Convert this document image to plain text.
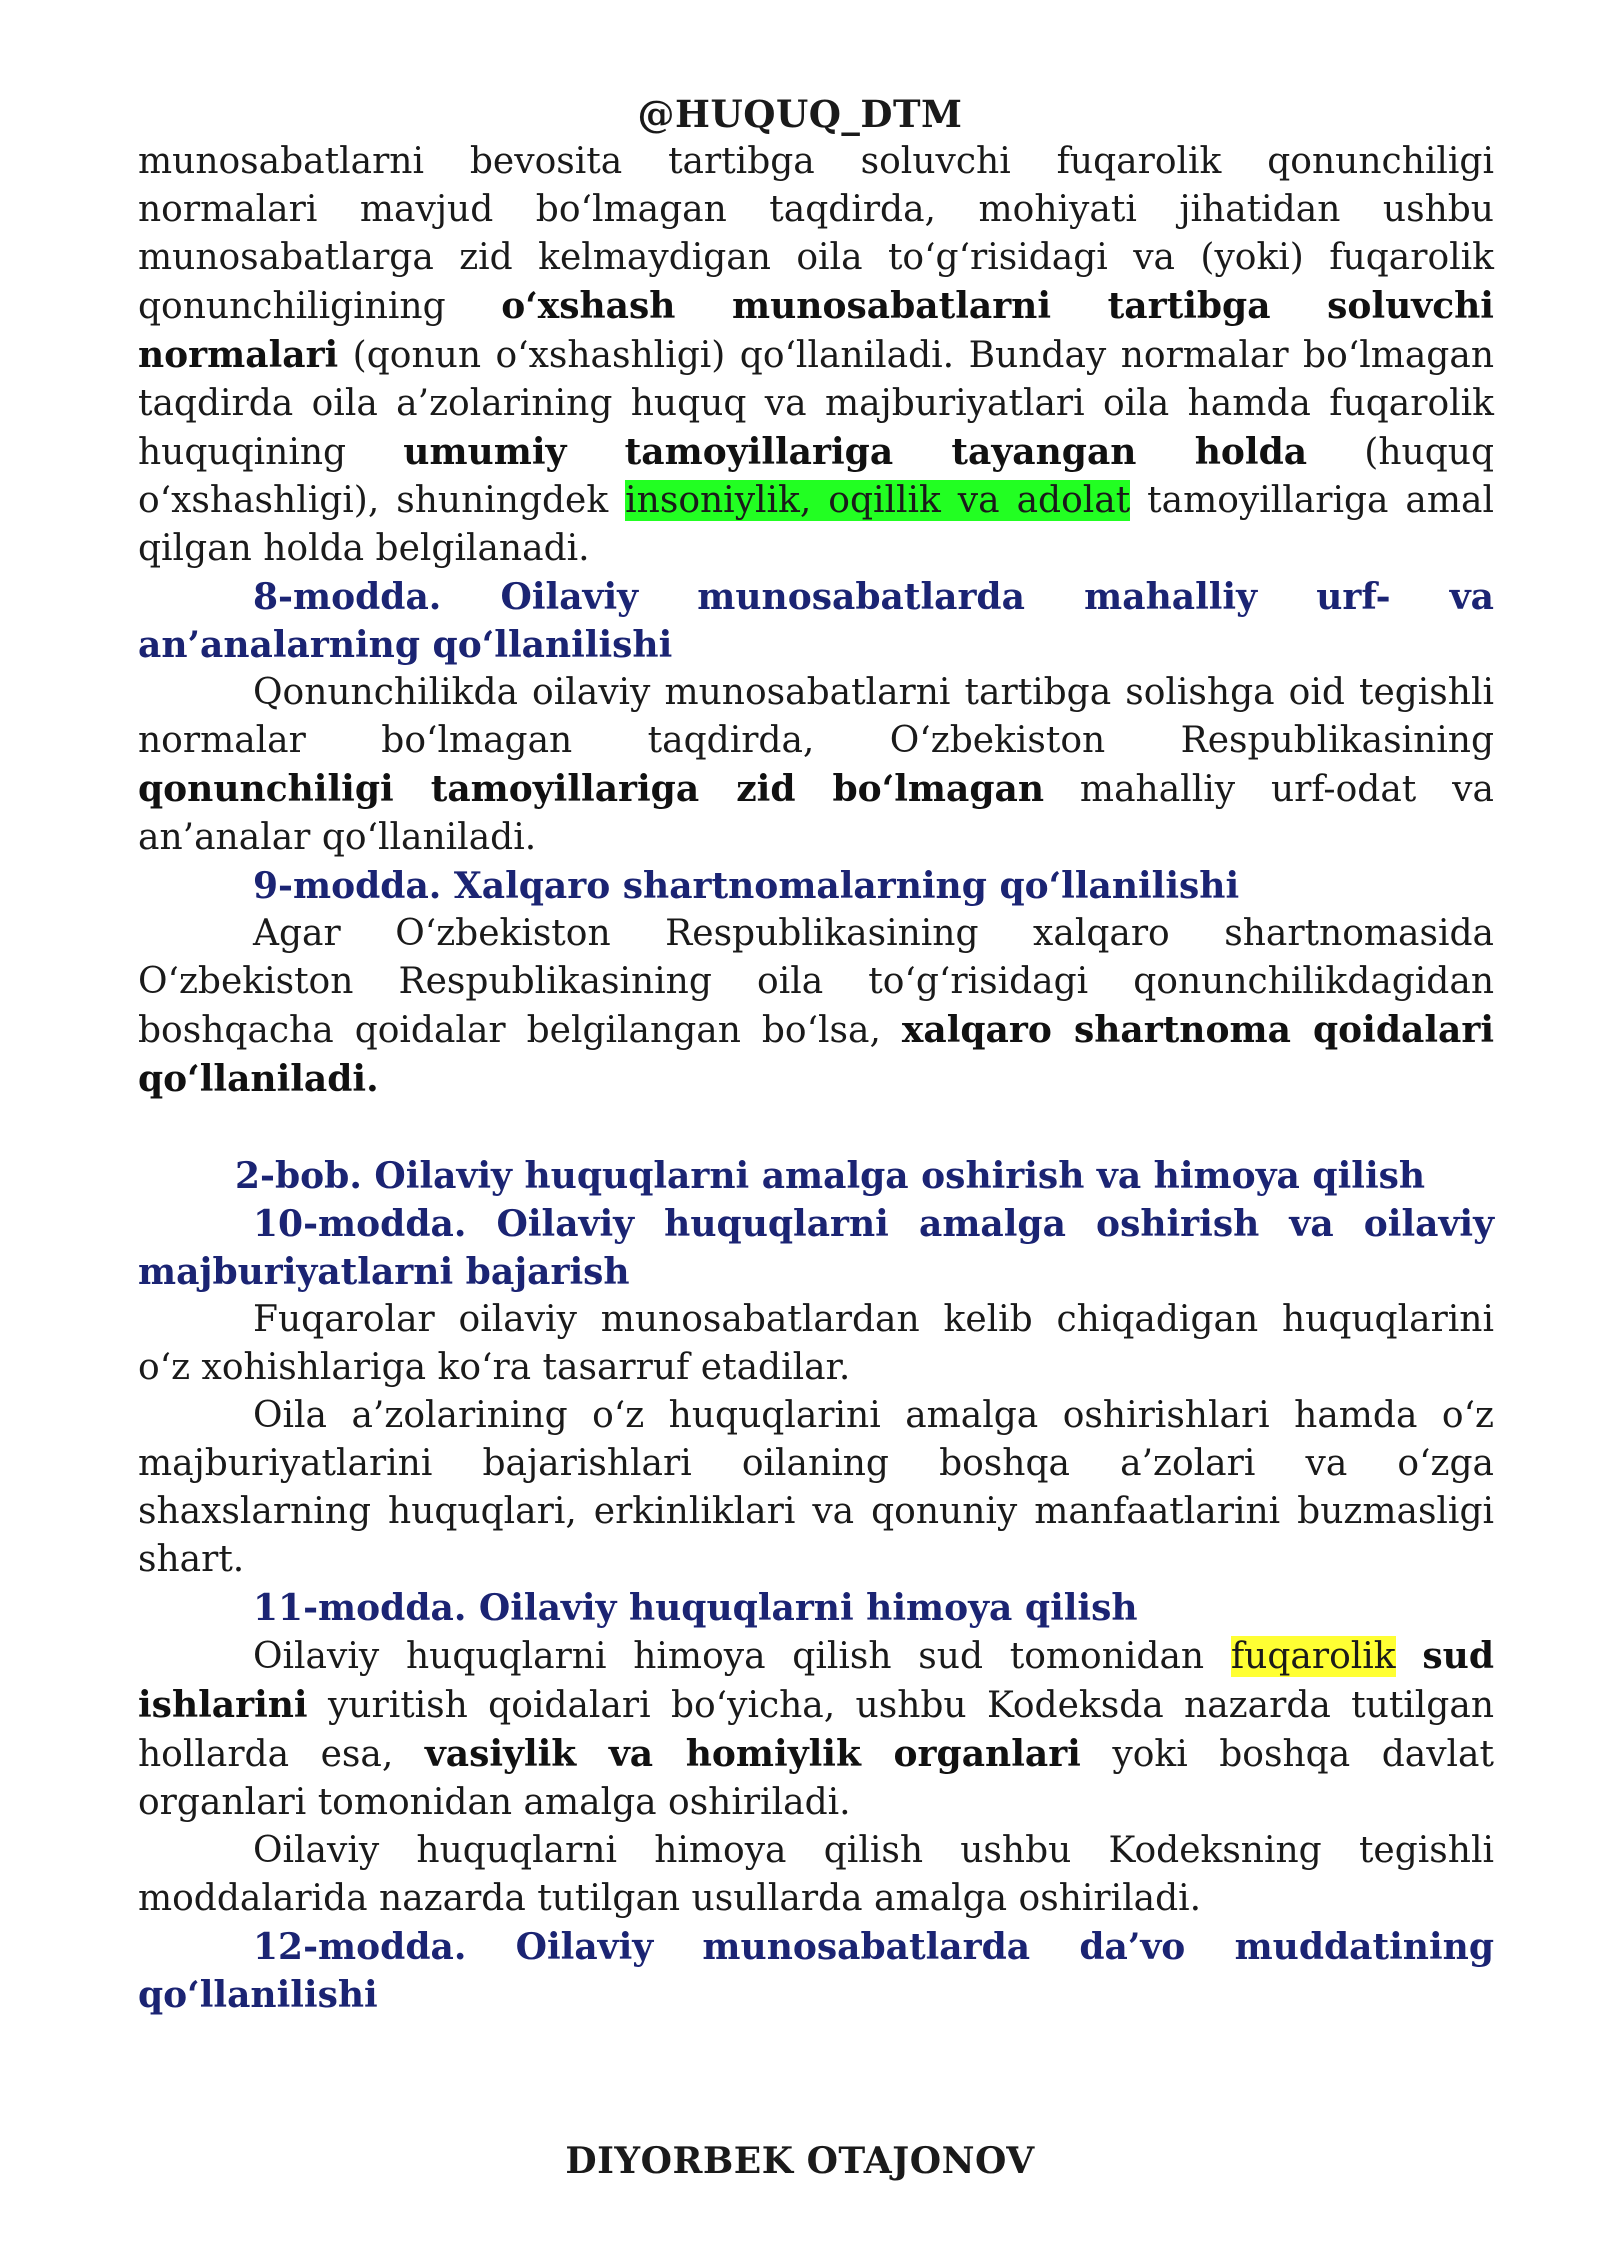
@HUQUQ_DTM

munosabatlarni bevosita tartibga soluvchi fuqarolik qonunchiligi normalari mavjud bo‘lmagan taqdirda, mohiyati jihatidan ushbu munosabatlarga zid kelmaydigan oila to‘g‘risidagi va (yoki) fuqarolik qonunchiligining o‘xshash munosabatlarni tartibga soluvchi normalari (qonun o‘xshashligi) qo‘llaniladi. Bunday normalar bo‘lmagan taqdirda oila a’zolarining huquq va majburiyatlari oila hamda fuqarolik huquqining umumiy tamoyillariga tayangan holda (huquq o‘xshashligi), shuningdek insoniylik, oqillik va adolat tamoyillariga amal qilgan holda belgilanadi.

8-modda. Oilaviy munosabatlarda mahalliy urf- va an’analarning qo‘llanilishi

Qonunchilikda oilaviy munosabatlarni tartibga solishga oid tegishli normalar bo‘lmagan taqdirda, O‘zbekiston Respublikasining qonunchiligi tamoyillariga zid bo‘lmagan mahalliy urf-odat va an’analar qo‘llaniladi.

9-modda. Xalqaro shartnomalarning qo‘llanilishi

Agar O‘zbekiston Respublikasining xalqaro shartnomasida O‘zbekiston Respublikasining oila to‘g‘risidagi qonunchilikdagidan boshqacha qoidalar belgilangan bo‘lsa, xalqaro shartnoma qoidalari qo‘llaniladi.

2-bob. Oilaviy huquqlarni amalga oshirish va himoya qilish

10-modda. Oilaviy huquqlarni amalga oshirish va oilaviy majburiyatlarni bajarish

Fuqarolar oilaviy munosabatlardan kelib chiqadigan huquqlarini o‘z xohishlariga ko‘ra tasarruf etadilar.

Oila a’zolarining o‘z huquqlarini amalga oshirishlari hamda o‘z majburiyatlarini bajarishlari oilaning boshqa a’zolari va o‘zga shaxslarning huquqlari, erkinliklari va qonuniy manfaatlarini buzmasligi shart.

11-modda. Oilaviy huquqlarni himoya qilish

Oilaviy huquqlarni himoya qilish sud tomonidan fuqarolik sud ishlarini yuritish qoidalari bo‘yicha, ushbu Kodeksda nazarda tutilgan hollarda esa, vasiylik va homiylik organlari yoki boshqa davlat organlari tomonidan amalga oshiriladi.

Oilaviy huquqlarni himoya qilish ushbu Kodeksning tegishli moddalarida nazarda tutilgan usullarda amalga oshiriladi.

12-modda. Oilaviy munosabatlarda da’vo muddatining qo‘llanilishi

DIYORBEK OTAJONOV
